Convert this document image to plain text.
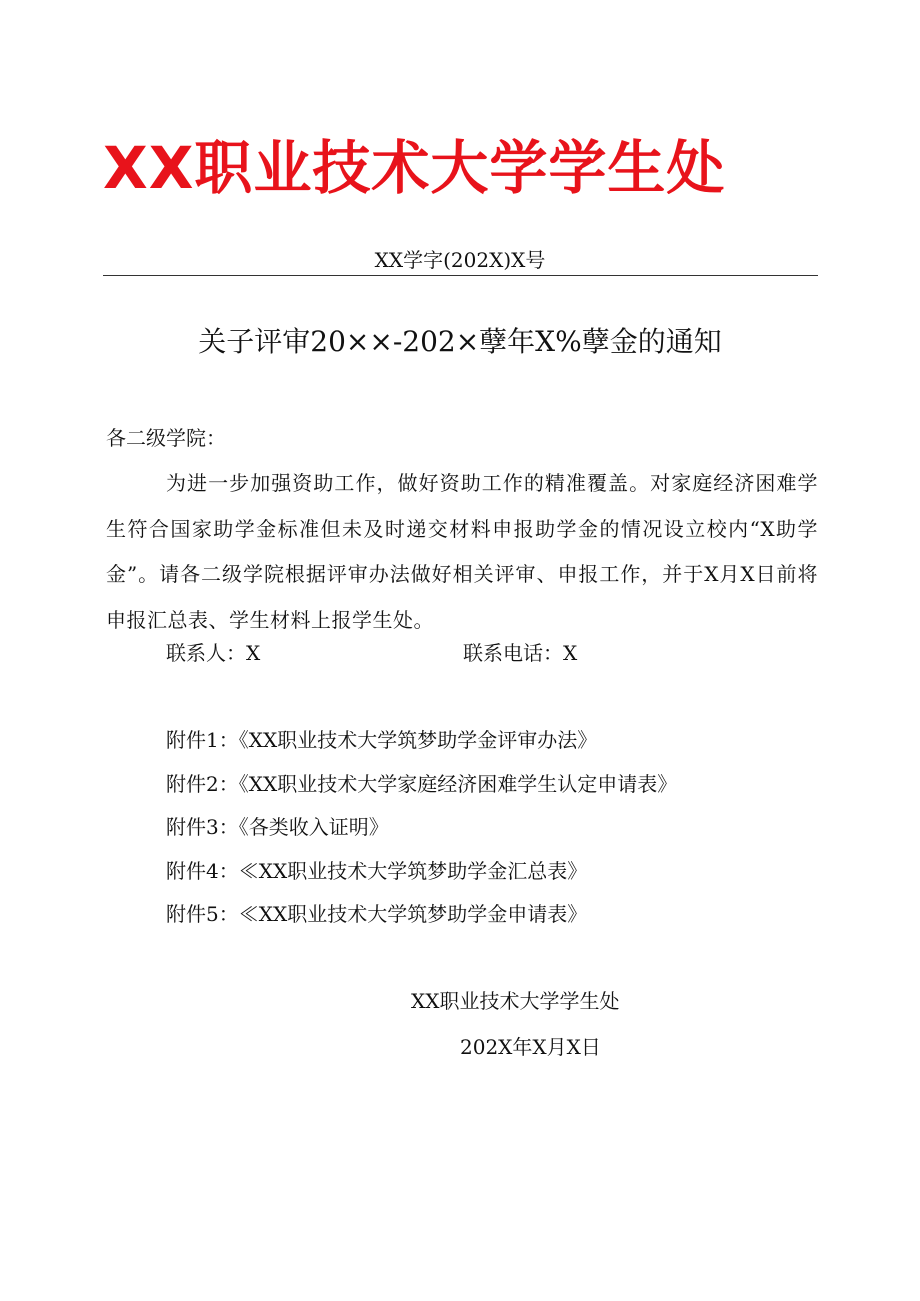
XX职业技术大学学生处
XX学字(202X)X号
关子评审20××-202×孽年X%孽金的通知
各二级学院：
为进一步加强资助工作，做好资助工作的精准覆盖。对家庭经济困难学生符合国家助学金标准但未及时递交材料申报助学金的情况设立校内“X助学金”。请各二级学院根据评审办法做好相关评审、申报工作，并于X月X日前将申报汇总表、学生材料上报学生处。
联系人：X	联系电话：X
附件1：《XX职业技术大学筑梦助学金评审办法》
附件2：《XX职业技术大学家庭经济困难学生认定申请表》
附件3：《各类收入证明》
附件4：≪XX职业技术大学筑梦助学金汇总表》
附件5：≪XX职业技术大学筑梦助学金申请表》
XX职业技术大学学生处
202X年X月X日
